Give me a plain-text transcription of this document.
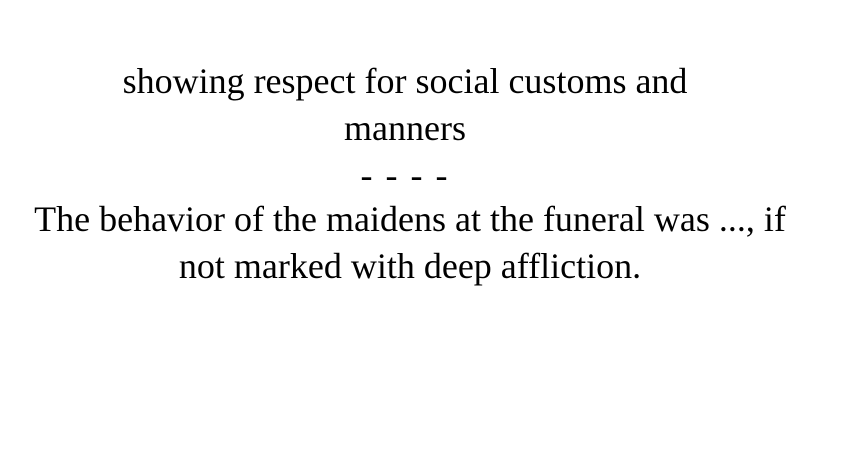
showing respect for social customs and manners
- - - -
The behavior of the maidens at the funeral was ..., if not marked with deep affliction.
